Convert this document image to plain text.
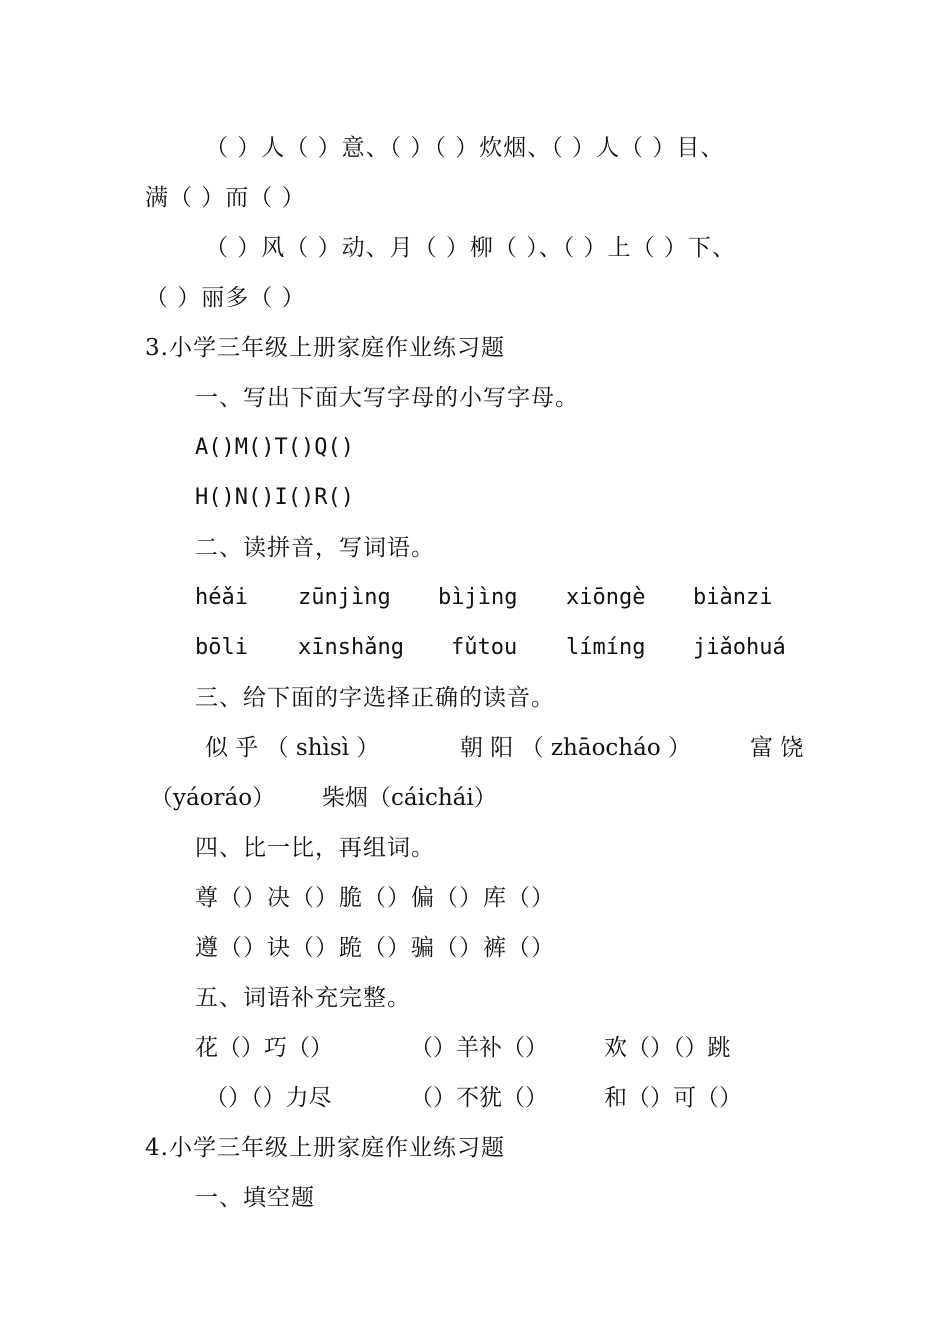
（ ）人（ ）意、（ ）（ ）炊烟、（ ）人（ ）目、
满（ ）而（ ）
（ ）风（ ）动、月（ ）柳（ ）、（ ）上（ ）下、
（ ）丽多（ ）
3.小学三年级上册家庭作业练习题
一、写出下面大写字母的小写字母。
A()M()T()Q()
H()N()I()R()
二、读拼音，写词语。
héǎi zūnjìng bìjìng xiōngè biànzi
bōli xīnshǎng fǔtou límíng jiǎohuá
三、给下面的字选择正确的读音。
似 乎 （ shìsì ）	朝 阳 （ zhāocháo ）	富 饶
（yáoráo） 柴烟（cáichái）
四、比一比，再组词。
尊（）决（）脆（）偏（）库（）
遵（）诀（）跪（）骗（）裤（）
五、词语补充完整。
花（）巧（）	（）羊补（） 欢（）（）跳
（）（）力尽	（）不犹（） 和（）可（）
4.小学三年级上册家庭作业练习题
一、填空题
